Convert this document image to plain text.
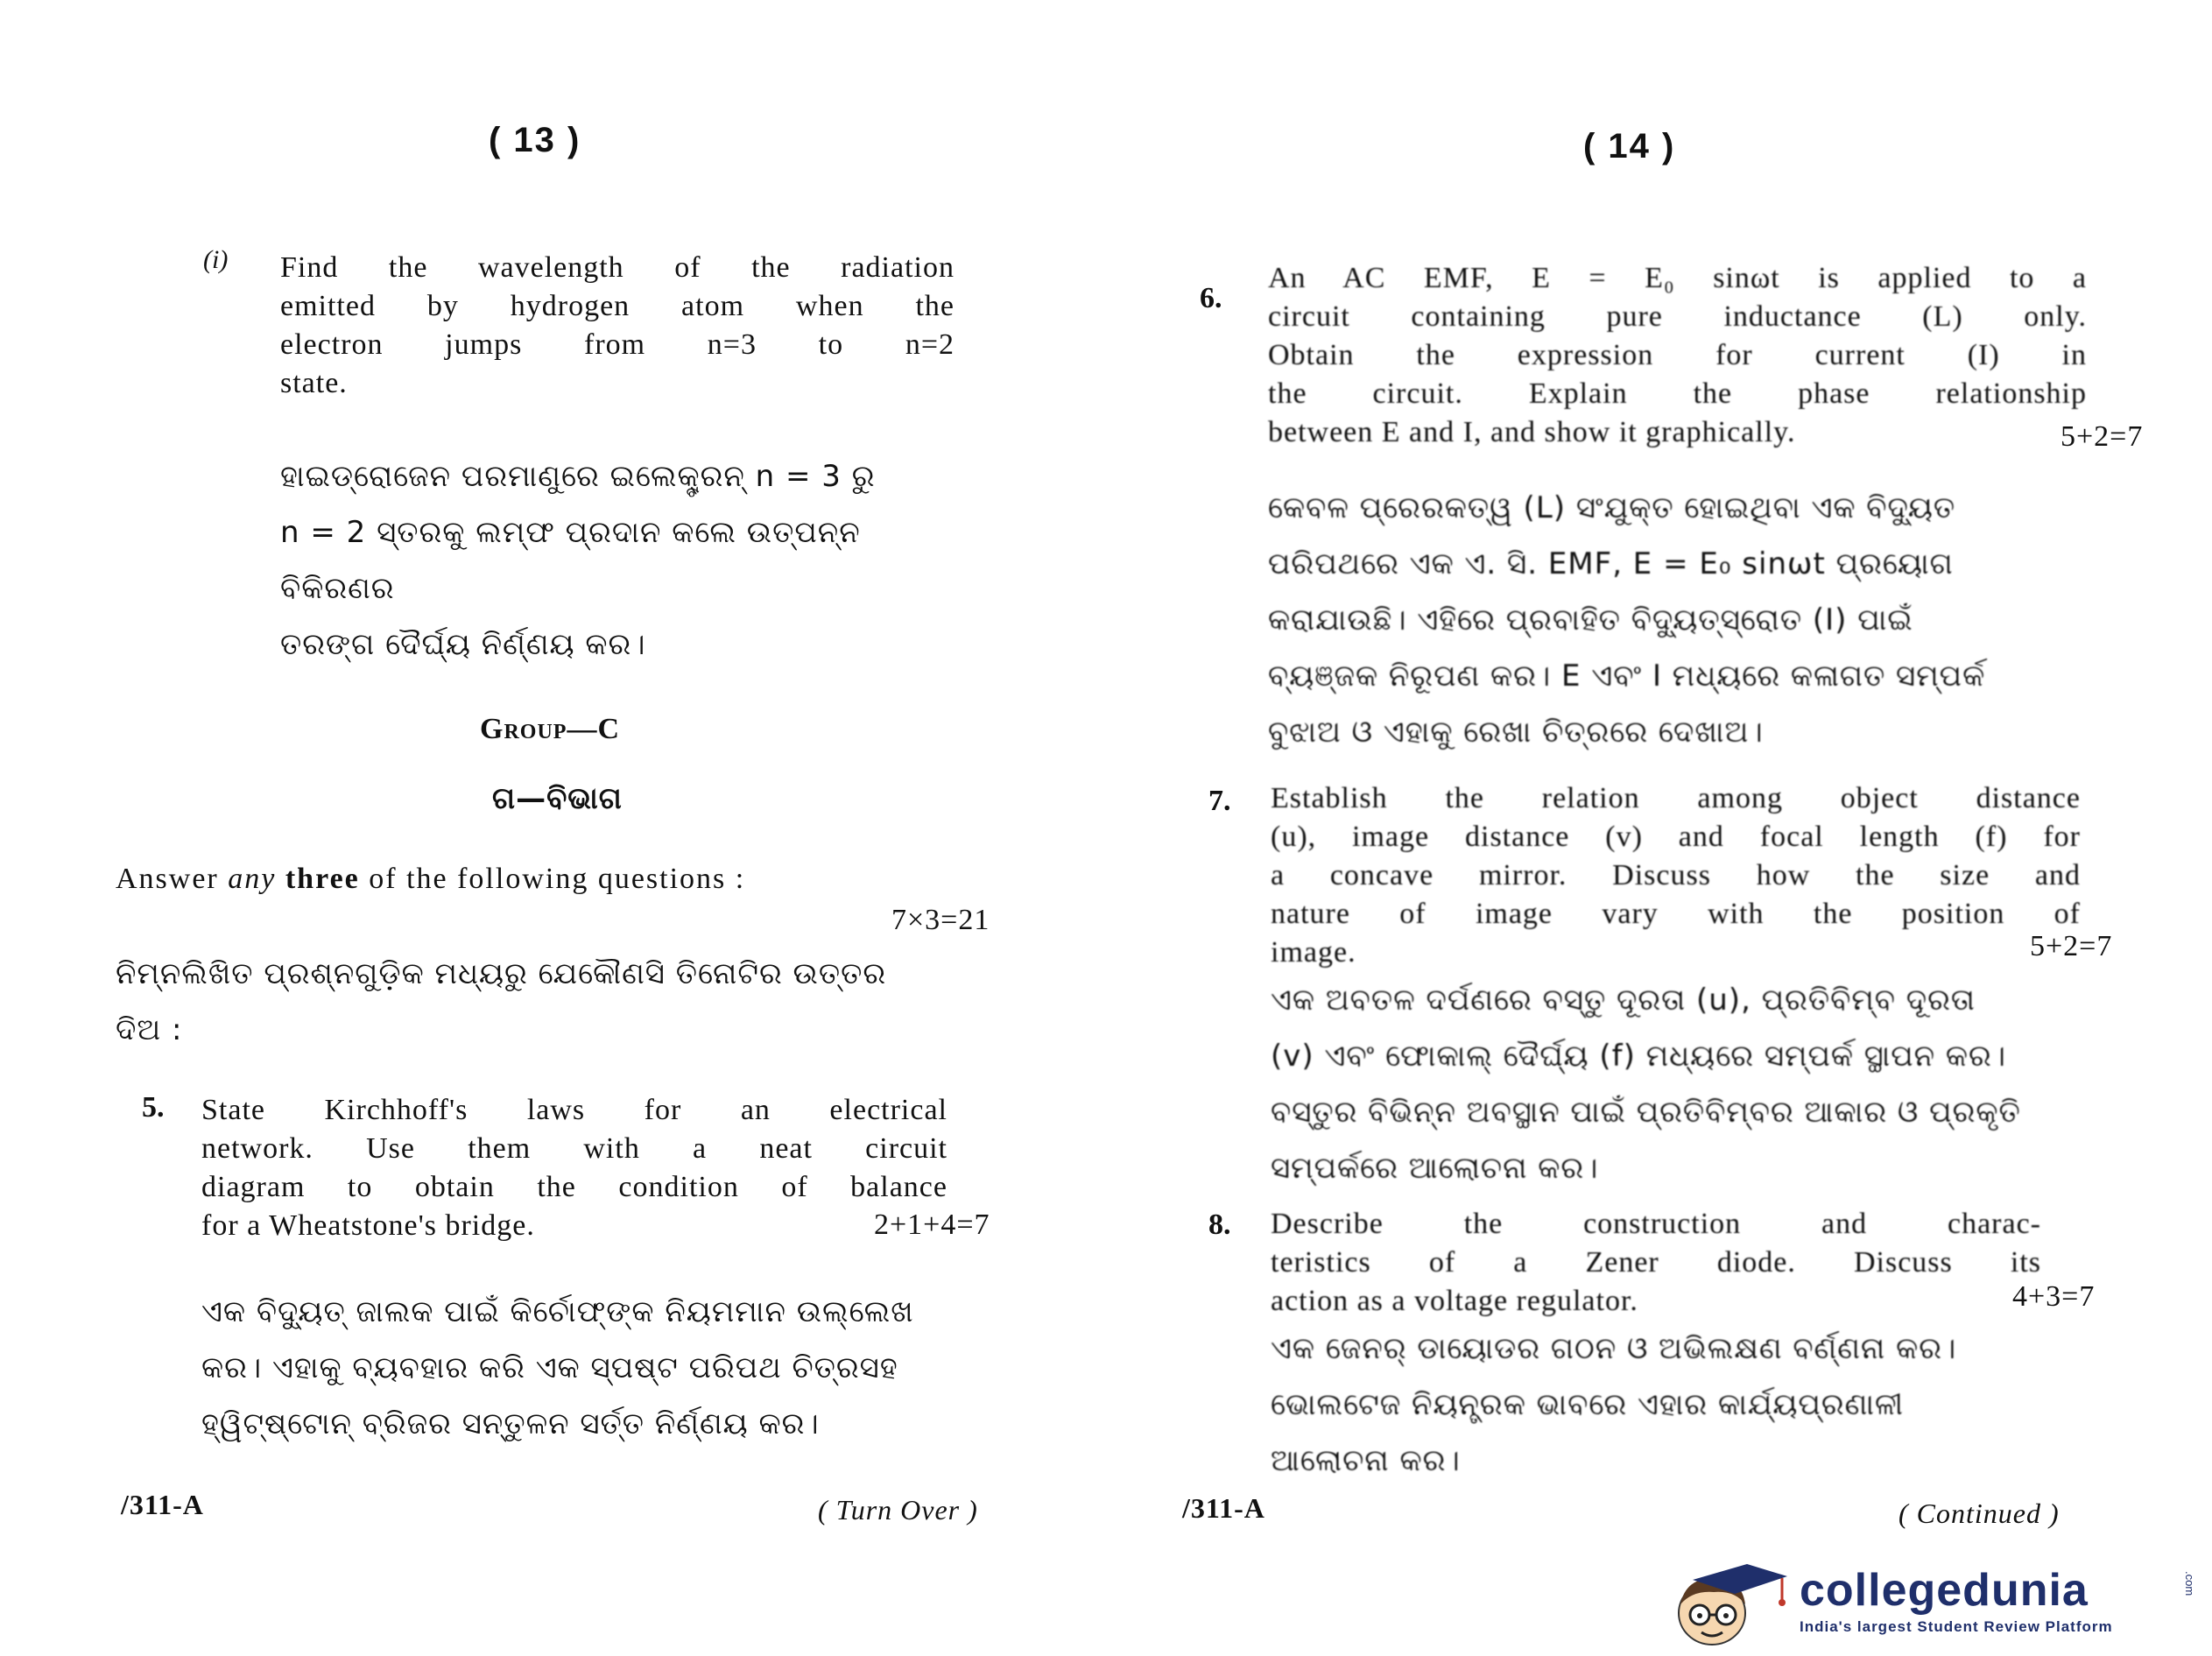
( 13 )
(i) Find the wavelength of the radiation
emitted by hydrogen atom when the
electron jumps from n=3 to n=2
state.
ହାଇଡ୍ରୋଜେନ ପରମାଣୁରେ ଇଲେକ୍ଟ୍ରନ୍ n = 3 ରୁ
n = 2 ସ୍ତରକୁ ଲମ୍ଫ ପ୍ରଦାନ କଲେ ଉତ୍ପନ୍ନ ବିକିରଣର
ତରଙ୍ଗ ଦୈର୍ଘ୍ୟ ନିର୍ଣ୍ଣୟ କର।
Group—C
ଗ—ବିଭାଗ
Answer any three of the following questions :
7×3=21
ନିମ୍ନଲିଖିତ ପ୍ରଶ୍ନଗୁଡ଼ିକ ମଧ୍ୟରୁ ଯେକୌଣସି ତିନୋଟିର ଉତ୍ତର
ଦିଅ :
5. State Kirchhoff's laws for an electrical
network. Use them with a neat circuit
diagram to obtain the condition of balance
for a Wheatstone's bridge.	2+1+4=7
ଏକ ବିଦ୍ୟୁତ୍ ଜାଲକ ପାଇଁ କିର୍ଚୋଫ୍‌ଙ୍କ ନିୟମମାନ ଉଲ୍ଲେଖ
କର। ଏହାକୁ ବ୍ୟବହାର କରି ଏକ ସ୍ପଷ୍ଟ ପରିପଥ ଚିତ୍ରସହ
ହ୍ୱିଟ୍‌ଷ୍ଟୋନ୍ ବ୍ରିଜର ସନ୍ତୁଳନ ସର୍ତ୍ତ ନିର୍ଣ୍ଣୟ କର।
/311-A	( Turn Over )
( 14 )
6.
An AC EMF, E = E₀ sinωt is applied to a
circuit containing pure inductance (L) only.
Obtain the expression for current (I) in
the circuit. Explain the phase relationship
between E and I, and show it graphically.	5+2=7
କେବଳ ପ୍ରେରକତ୍ୱ (L) ସଂଯୁକ୍ତ ହୋଇଥିବା ଏକ ବିଦ୍ୟୁତ
ପରିପଥରେ ଏକ ଏ. ସି. EMF, E = E₀ sinωt ପ୍ରୟୋଗ
କରାଯାଉଛି। ଏହିରେ ପ୍ରବାହିତ ବିଦ୍ୟୁତ୍‌ସ୍ରୋତ (I) ପାଇଁ
ବ୍ୟଞ୍ଜକ ନିରୂପଣ କର। E ଏବଂ I ମଧ୍ୟରେ କଳାଗତ ସମ୍ପର୍କ
ବୁଝାଅ ଓ ଏହାକୁ ରେଖା ଚିତ୍ରରେ ଦେଖାଅ।
7. Establish the relation among object distance
(u), image distance (v) and focal length (f) for
a concave mirror. Discuss how the size and
nature of image vary with the position of
image.	5+2=7
ଏକ ଅବତଳ ଦର୍ପଣରେ ବସ୍ତୁ ଦୂରତା (u), ପ୍ରତିବିମ୍ବ ଦୂରତା
(v) ଏବଂ ଫୋକାଲ୍ ଦୈର୍ଘ୍ୟ (f) ମଧ୍ୟରେ ସମ୍ପର୍କ ସ୍ଥାପନ କର।
ବସ୍ତୁର ବିଭିନ୍ନ ଅବସ୍ଥାନ ପାଇଁ ପ୍ରତିବିମ୍ବର ଆକାର ଓ ପ୍ରକୃତି
ସମ୍ପର୍କରେ ଆଲୋଚନା କର।
8. Describe the construction and charac-
teristics of a Zener diode. Discuss its
action as a voltage regulator.	4+3=7
ଏକ ଜେନର୍ ଡାୟୋଡର ଗଠନ ଓ ଅଭିଲକ୍ଷଣ ବର୍ଣ୍ଣନା କର।
ଭୋଲଟେଜ ନିୟନ୍ତ୍ରକ ଭାବରେ ଏହାର କାର୍ଯ୍ୟପ୍ରଣାଳୀ
ଆଲୋଚନା କର।
/311-A	( Continued )
collegedunia
India's largest Student Review Platform
.com
